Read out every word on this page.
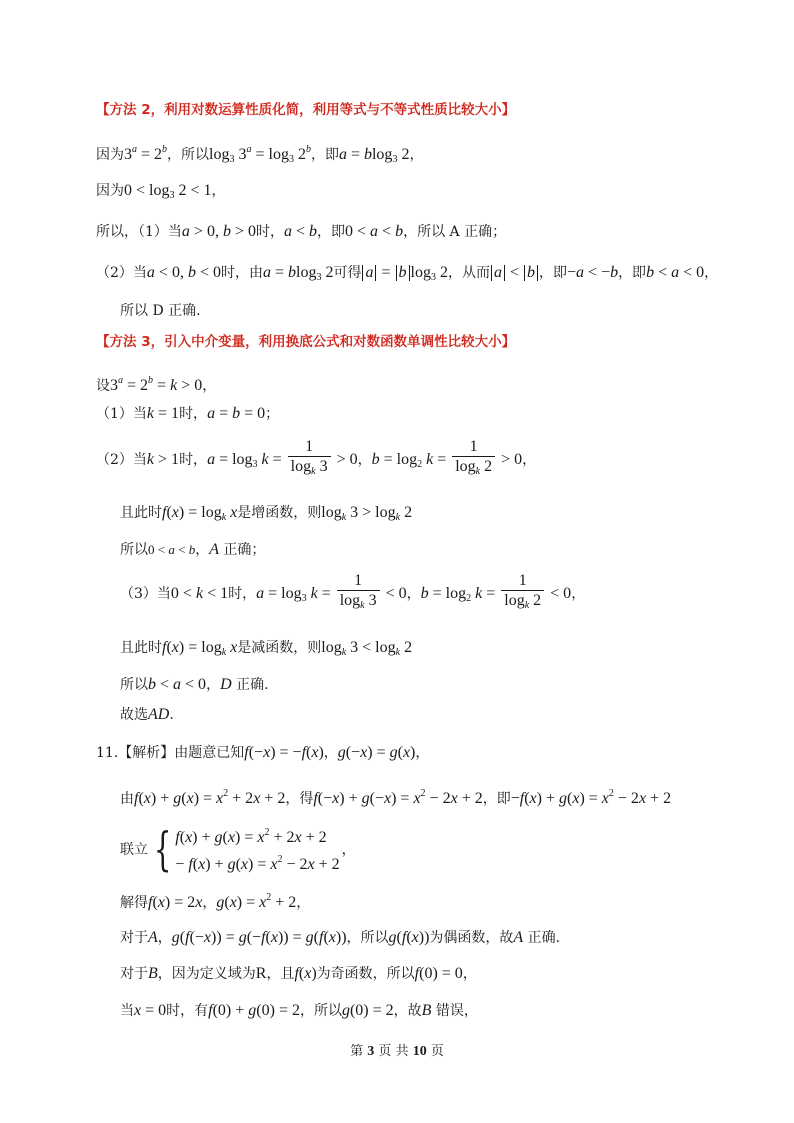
【方法 2，利用对数运算性质化简，利用等式与不等式性质比较大小】
因为$3^a = 2^b$，所以$\log_3 3^a = \log_3 2^b$，即a = blog$_3$ 2，
因为$0 < \log_3 2 < 1$，
所以，（1）当a > 0, b > 0时，a < b，即0 < a < b，所以 A 正确；
（2）当a < 0, b < 0时，由a = blog$_3$ 2可得 a = b $\log_3 2$，从而 a < b ，即−a < −b，即b < a < 0，
所以 D 正确.
【方法 3，引入中介变量，利用换底公式和对数函数单调性比较大小】
设$3^a = 2^b = k > 0$，
（1）当k = 1时，a = b = 0；
（2）当k > 1时，$a = \log_3 k = \frac{1}{\log_k 3} > 0$，$b = \log_2 k = \frac{1}{\log_k 2} > 0$，
且此时$f(x) = \log_k x$是增函数，则$\log_k 3 > \log_k 2$
所以0 < a < b，A 正确；
（3）当0 < k < 1时，$a = \log_3 k = \frac{1}{\log_k 3} < 0$，$b = \log_2 k = \frac{1}{\log_k 2} < 0$，
且此时$f(x) = \log_k x$是减函数，则$\log_k 3 < \log_k 2$
所以b < a < 0，D 正确.
故选AD.
11.【解析】由题意已知f(−x) = −f(x)，g(−x) = g(x)，
由$f(x) + g(x) = x^2 + 2x + 2$，得$f(-x) + g(-x) = x^2 - 2x + 2$，即$-f(x) + g(x) = x^2 - 2x + 2$
联立 { $f(x) + g(x) = x^2 + 2x + 2$
− $f(x) + g(x) = x^2 - 2x + 2$
，
解得f(x) = 2x，$g(x) = x^2 + 2$，
对于A，g(f(−x)) = g(−f(x)) = g(f(x))，所以g(f(x))为偶函数，故A 正确.
对于B，因为定义域为R，且f(x)为奇函数，所以f(0) = 0，
当x = 0时，有f(0) + g(0) = 2，所以g(0) = 2，故B 错误，
第 3 页 共 10 页
